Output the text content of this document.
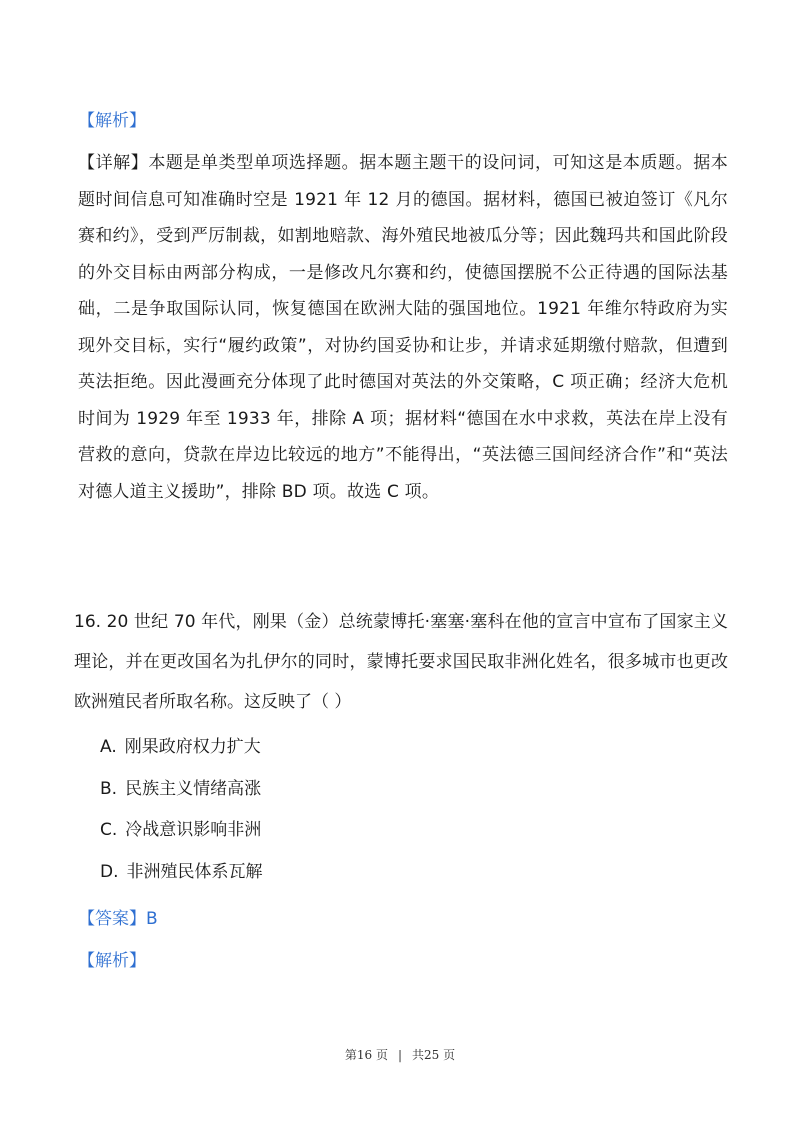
【解析】
【详解】本题是单类型单项选择题。据本题主题干的设问词，可知这是本质题。据本题时间信息可知准确时空是 1921 年 12 月的德国。据材料，德国已被迫签订《凡尔赛和约》，受到严厉制裁，如割地赔款、海外殖民地被瓜分等；因此魏玛共和国此阶段的外交目标由两部分构成，一是修改凡尔赛和约，使德国摆脱不公正待遇的国际法基础，二是争取国际认同，恢复德国在欧洲大陆的强国地位。1921 年维尔特政府为实现外交目标，实行“履约政策”，对协约国妥协和让步，并请求延期缴付赔款，但遭到英法拒绝。因此漫画充分体现了此时德国对英法的外交策略，C 项正确；经济大危机时间为 1929 年至 1933 年，排除 A 项；据材料“德国在水中求救，英法在岸上没有营救的意向，贷款在岸边比较远的地方”不能得出，“英法德三国间经济合作”和“英法对德人道主义援助”，排除 BD 项。故选 C 项。
16. 20 世纪 70 年代，刚果（金）总统蒙博托·塞塞·塞科在他的宣言中宣布了国家主义理论，并在更改国名为扎伊尔的同时，蒙博托要求国民取非洲化姓名，很多城市也更改欧洲殖民者所取名称。这反映了（ ）
A. 刚果政府权力扩大
B. 民族主义情绪高涨
C. 冷战意识影响非洲
D. 非洲殖民体系瓦解
【答案】B
【解析】
第16 页 | 共25 页
